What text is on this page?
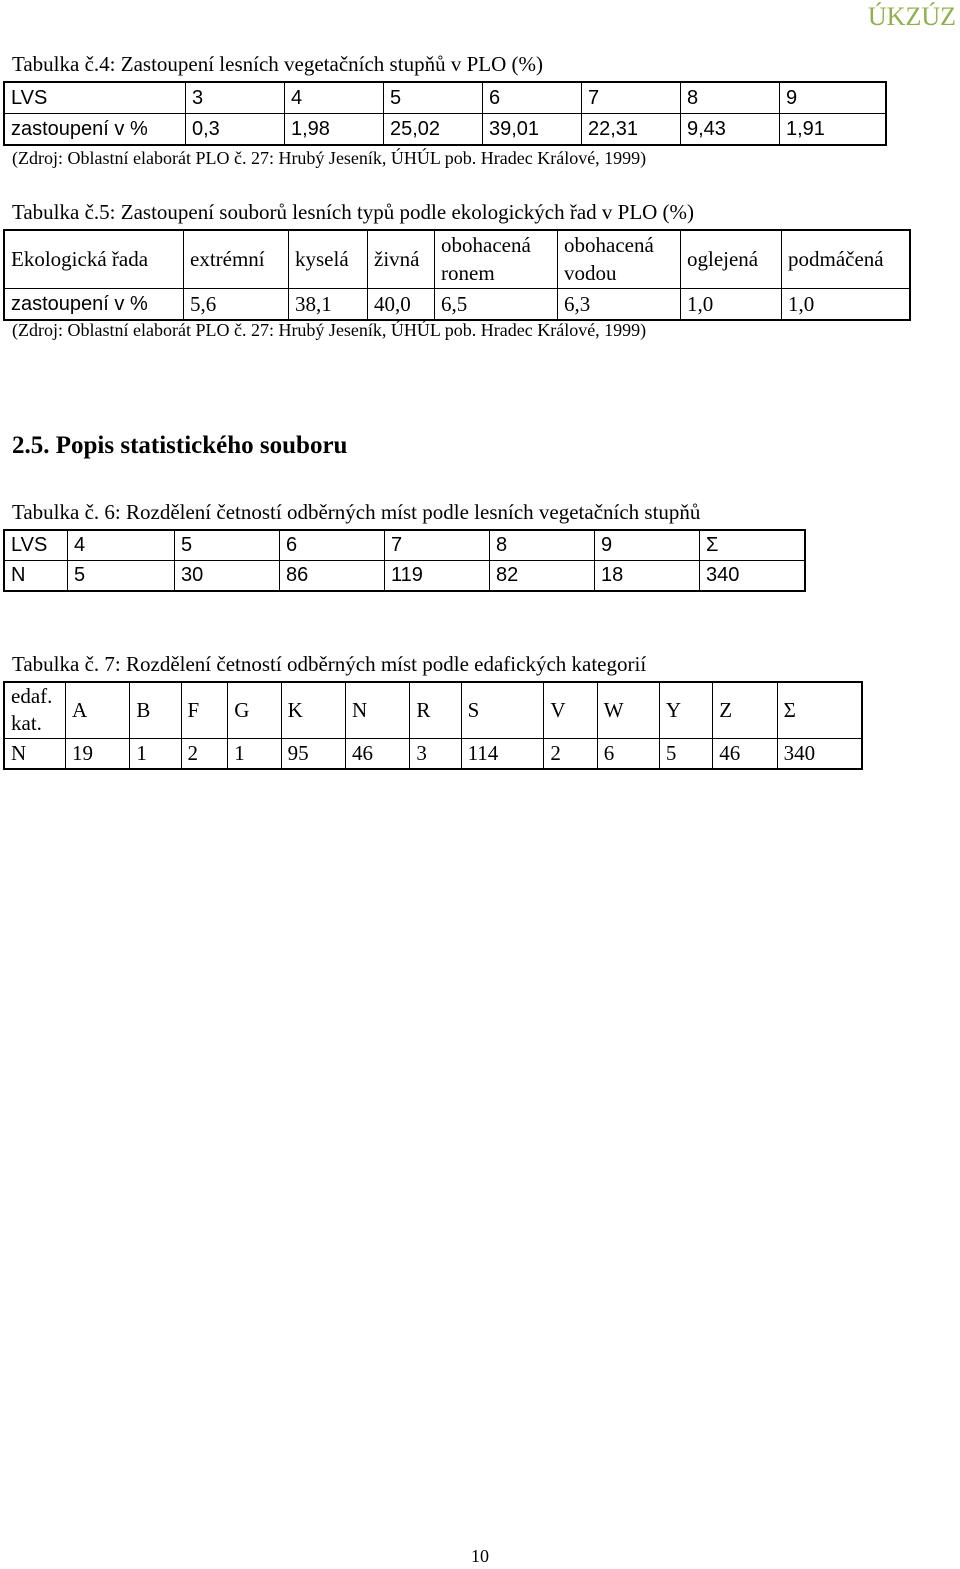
ÚKZÚZ
Tabulka č.4: Zastoupení lesních vegetačních stupňů v PLO (%)
LVS	3	4	5	6	7	8	9
zastoupení v %	0,3	1,98	25,02	39,01	22,31	9,43	1,91
(Zdroj: Oblastní elaborát PLO č. 27: Hrubý Jeseník, ÚHÚL pob. Hradec Králové, 1999)
Tabulka č.5: Zastoupení souborů lesních typů podle ekologických řad v PLO (%)
Ekologická řada	extrémní	kyselá	živná	obohacená ronem	obohacená vodou	oglejená	podmáčená
zastoupení v %	5,6	38,1	40,0	6,5	6,3	1,0	1,0
(Zdroj: Oblastní elaborát PLO č. 27: Hrubý Jeseník, ÚHÚL pob. Hradec Králové, 1999)
2.5. Popis statistického souboru
Tabulka č. 6: Rozdělení četností odběrných míst podle lesních vegetačních stupňů
LVS	4	5	6	7	8	9	Σ
N	5	30	86	119	82	18	340
Tabulka č. 7: Rozdělení četností odběrných míst podle edafických kategorií
edaf. kat.	A	B	F	G	K	N	R	S	V	W	Y	Z	Σ
N	19	1	2	1	95	46	3	114	2	6	5	46	340
10
